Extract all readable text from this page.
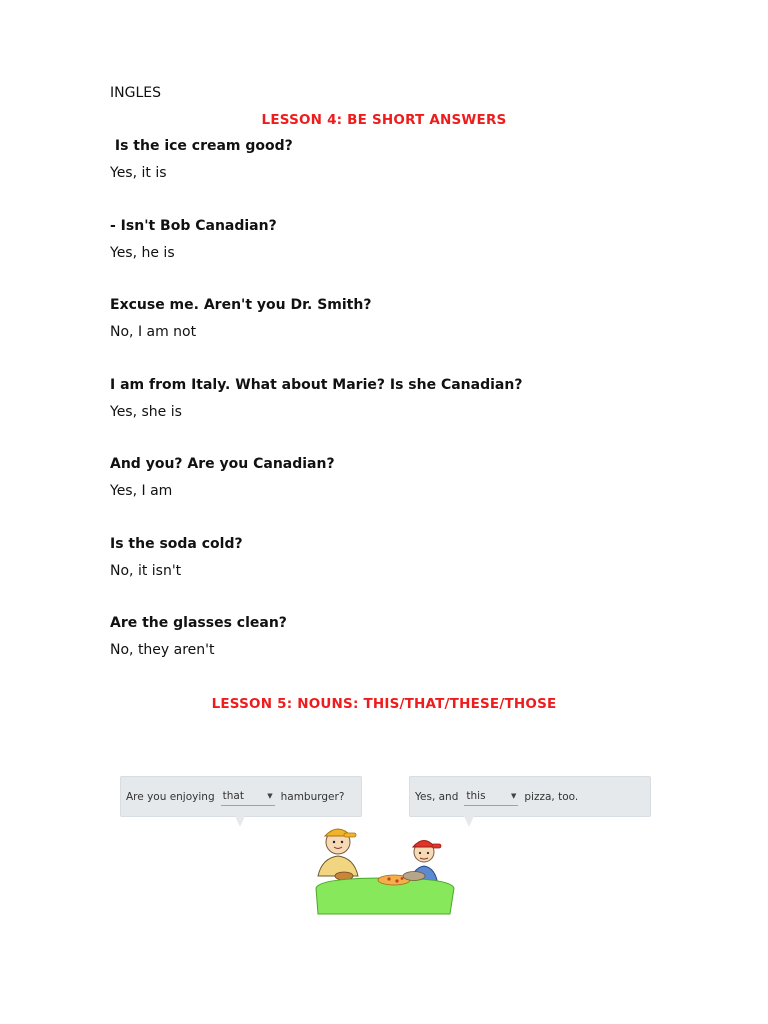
INGLES
LESSON 4: BE SHORT ANSWERS

Is the ice cream good?

Yes, it is

- Isn't Bob Canadian?

Yes, he is

Excuse me. Aren't you Dr. Smith?

No, I am not

I am from Italy. What about Marie? Is she Canadian?

Yes, she is

And you? Are you Canadian?

Yes, I am

Is the soda cold?

No, it isn't

Are the glasses clean?

No, they aren't

LESSON 5: NOUNS: THIS/THAT/THESE/THOSE
Are you enjoying that	▼ hamburger?	Yes, and this	▼ pizza, too.
